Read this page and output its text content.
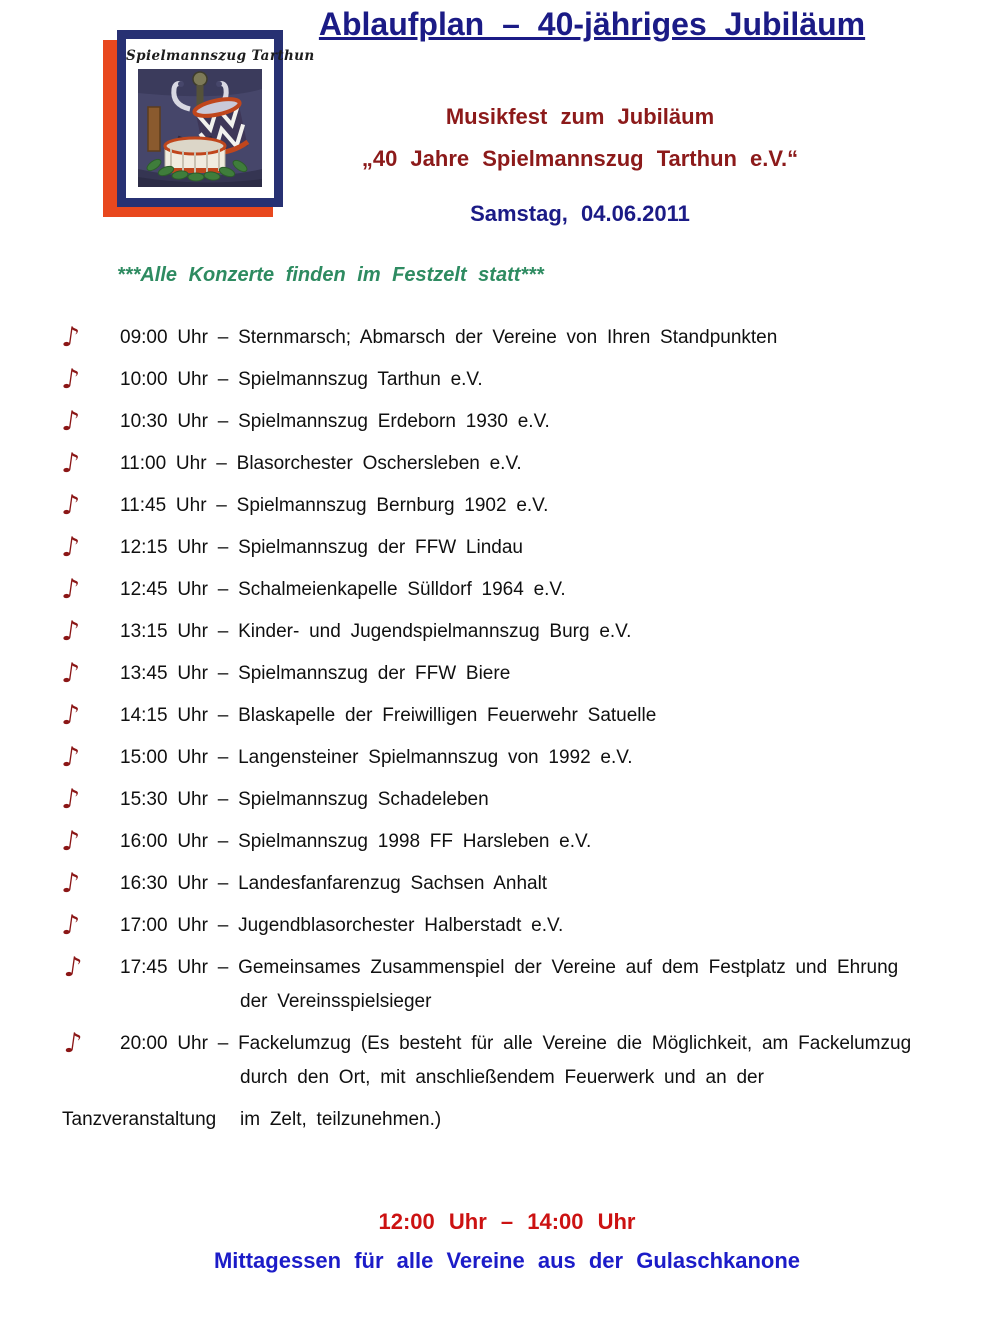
Spielmannszug Tarthun
Ablaufplan – 40-jähriges Jubiläum
Musikfest zum Jubiläum
„40 Jahre Spielmannszug Tarthun e.V.“
Samstag, 04.06.2011
***Alle Konzerte finden im Festzelt statt***
♪	09:00 Uhr – Sternmarsch; Abmarsch der Vereine von Ihren Standpunkten
♪	10:00 Uhr – Spielmannszug Tarthun e.V.
♪	10:30 Uhr – Spielmannszug Erdeborn 1930 e.V.
♪	11:00 Uhr – Blasorchester Oschersleben e.V.
♪	11:45 Uhr – Spielmannszug Bernburg 1902 e.V.
♪	12:15 Uhr – Spielmannszug der FFW Lindau
♪	12:45 Uhr – Schalmeienkapelle Sülldorf 1964 e.V.
♪	13:15 Uhr – Kinder- und Jugendspielmannszug Burg e.V.
♪	13:45 Uhr – Spielmannszug der FFW Biere
♪	14:15 Uhr – Blaskapelle der Freiwilligen Feuerwehr Satuelle
♪	15:00 Uhr – Langensteiner Spielmannszug von 1992 e.V.
♪	15:30 Uhr – Spielmannszug Schadeleben
♪	16:00 Uhr – Spielmannszug 1998 FF Harsleben e.V.
♪	16:30 Uhr – Landesfanfarenzug Sachsen Anhalt
♪	17:00 Uhr – Jugendblasorchester Halberstadt e.V.
♪	17:45 Uhr – Gemeinsames Zusammenspiel der Vereine auf dem Festplatz und Ehrung
der Vereinsspielsieger
♪	20:00 Uhr – Fackelumzug (Es besteht für alle Vereine die Möglichkeit, am Fackelumzug
durch den Ort, mit anschließendem Feuerwerk und an der
Tanzveranstaltung	im Zelt, teilzunehmen.)
12:00 Uhr – 14:00 Uhr
Mittagessen für alle Vereine aus der Gulaschkanone
